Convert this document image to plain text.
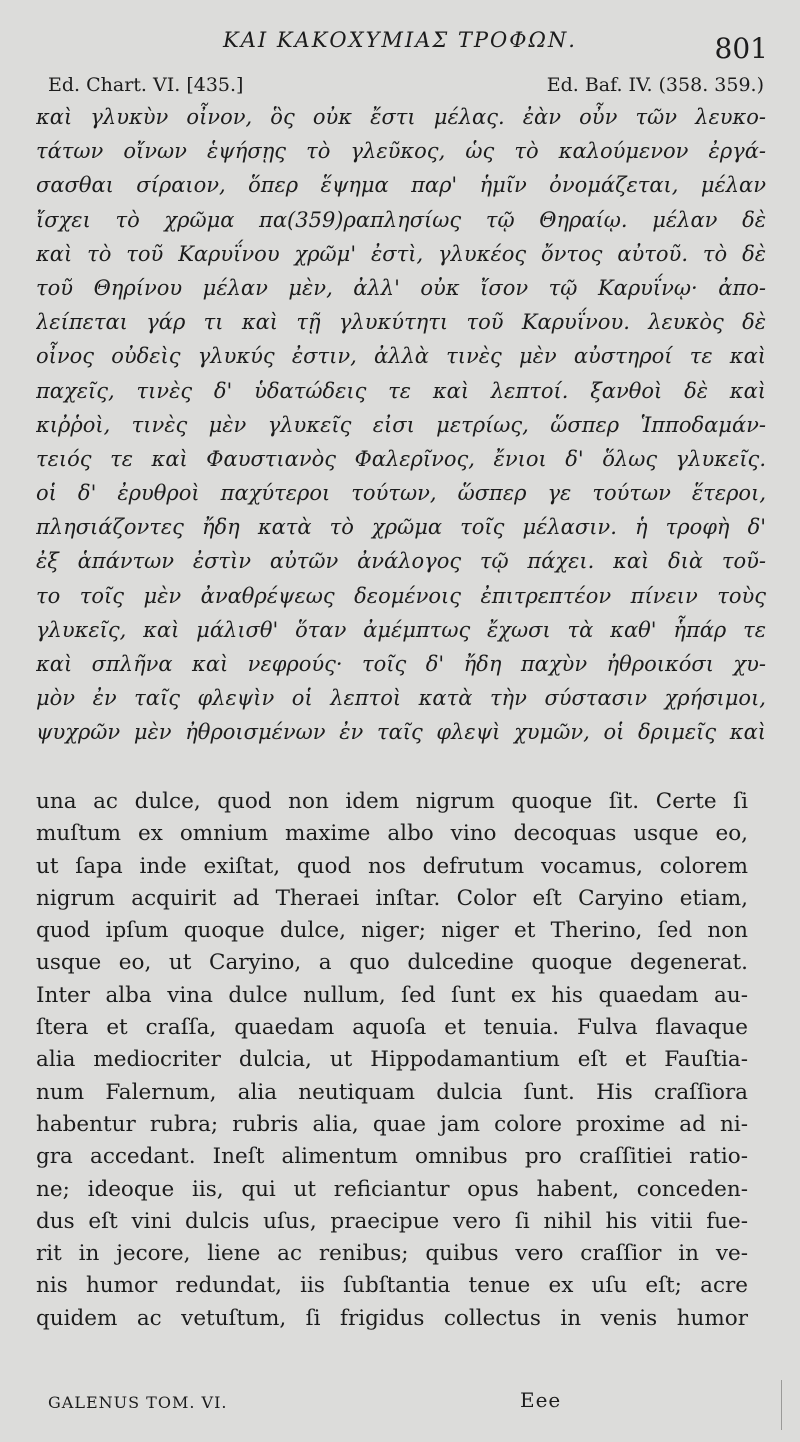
ΚΑΙ ΚΑΚΟΧΥΜΙΑΣ ΤΡΟΦΩΝ.	801
Ed. Chart. VI. [435.]	Ed. Baf. IV. (358. 359.)
καὶ γλυκὺν οἶνον, ὃς οὐκ ἔστι μέλας. ἐὰν οὖν τῶν λευκο-
τάτων οἴνων ἑψήσῃς τὸ γλεῦκος, ὡς τὸ καλούμενον ἐργά-
σασθαι σίραιον, ὅπερ ἕψημα παρ' ἡμῖν ὀνομάζεται, μέλαν
ἴσχει τὸ χρῶμα πα(359)ραπλησίως τῷ Θηραίῳ. μέλαν δὲ
καὶ τὸ τοῦ Καρυΐνου χρῶμ' ἐστὶ, γλυκέος ὄντος αὐτοῦ. τὸ δὲ
τοῦ Θηρίνου μέλαν μὲν, ἀλλ' οὐκ ἴσον τῷ Καρυΐνῳ· ἀπο-
λείπεται γάρ τι καὶ τῇ γλυκύτητι τοῦ Καρυΐνου. λευκὸς δὲ
οἶνος οὐδεὶς γλυκύς ἐστιν, ἀλλὰ τινὲς μὲν αὐστηροί τε καὶ
παχεῖς, τινὲς δ' ὑδατώδεις τε καὶ λεπτοί. ξανθοὶ δὲ καὶ
κιῤῥοὶ, τινὲς μὲν γλυκεῖς εἰσι μετρίως, ὥσπερ Ἱπποδαμάν-
τειός τε καὶ Φαυστιανὸς Φαλερῖνος, ἔνιοι δ' ὅλως γλυκεῖς.
οἱ δ' ἐρυθροὶ παχύτεροι τούτων, ὥσπερ γε τούτων ἕτεροι,
πλησιάζοντες ἤδη κατὰ τὸ χρῶμα τοῖς μέλασιν. ἡ τροφὴ δ'
ἐξ ἁπάντων ἐστὶν αὐτῶν ἀνάλογος τῷ πάχει. καὶ διὰ τοῦ-
το τοῖς μὲν ἀναθρέψεως δεομένοις ἐπιτρεπτέον πίνειν τοὺς
γλυκεῖς, καὶ μάλισθ' ὅταν ἀμέμπτως ἔχωσι τὰ καθ' ἧπάρ τε
καὶ σπλῆνα καὶ νεφρούς· τοῖς δ' ἤδη παχὺν ἠθροικόσι χυ-
μὸν ἐν ταῖς φλεψὶν οἱ λεπτοὶ κατὰ τὴν σύστασιν χρήσιμοι,
ψυχρῶν μὲν ἠθροισμένων ἐν ταῖς φλεψὶ χυμῶν, οἱ δριμεῖς καὶ
una ac dulce, quod non idem nigrum quoque ſit. Certe ſi
muſtum ex omnium maxime albo vino decoquas usque eo,
ut ſapa inde exiſtat, quod nos defrutum vocamus, colorem
nigrum acquirit ad Theraei inſtar. Color eſt Caryino etiam,
quod ipſum quoque dulce, niger; niger et Therino, ſed non
usque eo, ut Caryino, a quo dulcedine quoque degenerat.
Inter alba vina dulce nullum, ſed ſunt ex his quaedam au-
ſtera et craſſa, quaedam aquoſa et tenuia. Fulva flavaque
alia mediocriter dulcia, ut Hippodamantium eſt et Fauſtia-
num Falernum, alia neutiquam dulcia ſunt. His craſſiora
habentur rubra; rubris alia, quae jam colore proxime ad ni-
gra accedant. Ineſt alimentum omnibus pro craſſitiei ratio-
ne; ideoque iis, qui ut reficiantur opus habent, conceden-
dus eſt vini dulcis uſus, praecipue vero ſi nihil his vitii fue-
rit in jecore, liene ac renibus; quibus vero craſſior in ve-
nis humor redundat, iis ſubſtantia tenue ex uſu eſt; acre
quidem ac vetuſtum, ſi frigidus collectus in venis humor
GALENUS TOM. VI.	Eee
